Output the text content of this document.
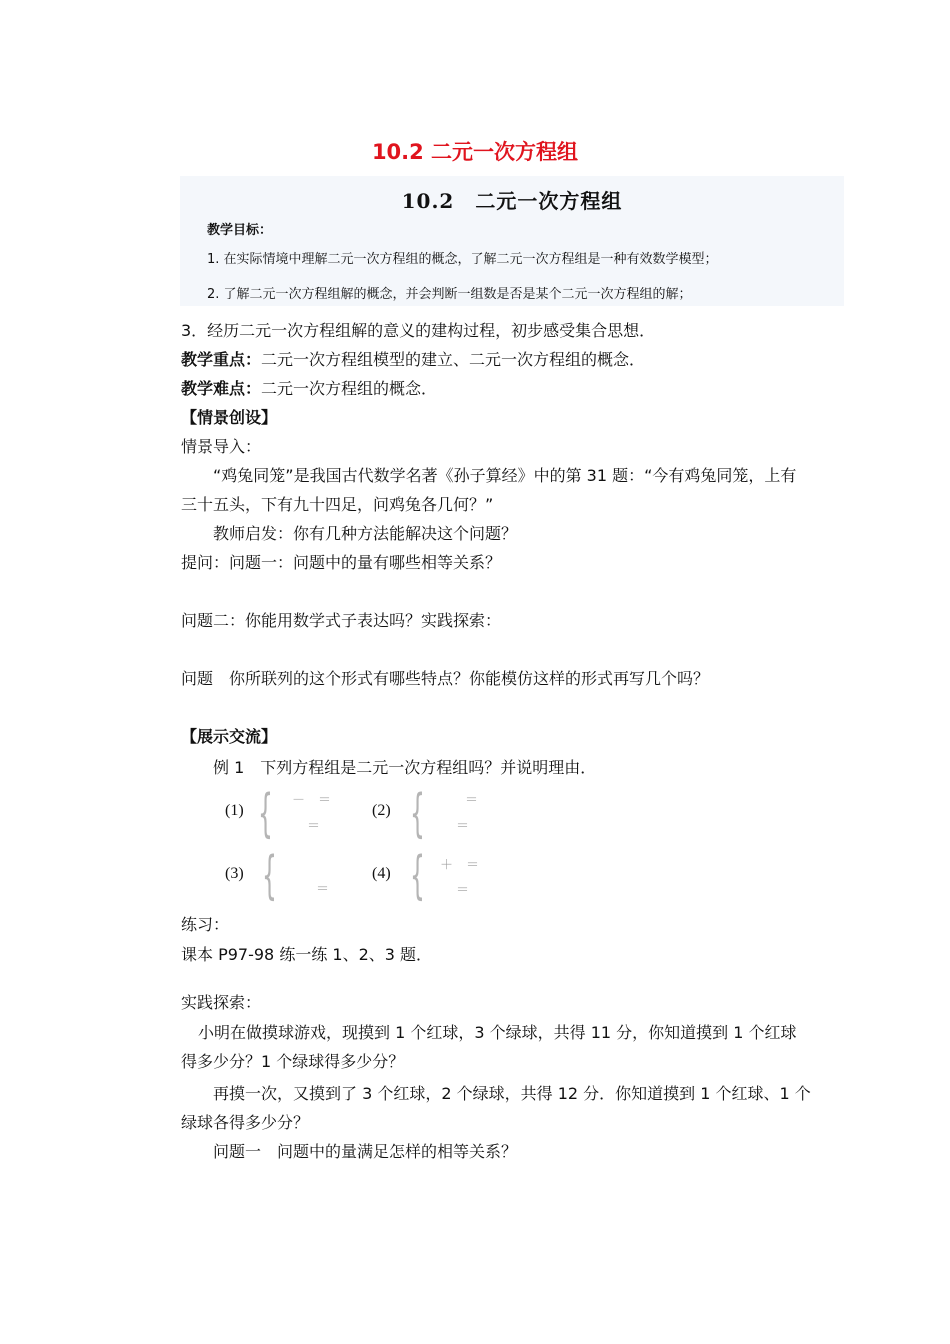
10.2 二元一次方程组
10.2　二元一次方程组
教学目标：
1. 在实际情境中理解二元一次方程组的概念，了解二元一次方程组是一种有效数学模型；
2. 了解二元一次方程组解的概念，并会判断一组数是否是某个二元一次方程组的解；
3．经历二元一次方程组解的意义的建构过程，初步感受集合思想．
教学重点：二元一次方程组模型的建立、二元一次方程组的概念．
教学难点：二元一次方程组的概念．
【情景创设】
情景导入：
“鸡兔同笼”是我国古代数学名著《孙子算经》中的第 31 题：“今有鸡兔同笼，上有
三十五头，下有九十四足，问鸡兔各几何？”
教师启发：你有几种方法能解决这个问题？
提问：问题一：问题中的量有哪些相等关系？
问题二：你能用数学式子表达吗？实践探索：
问题　你所联列的这个形式有哪些特点？你能模仿这样的形式再写几个吗？
【展示交流】
例 1　下列方程组是二元一次方程组吗？并说明理由．
(1) { －　＝
＝
(2) {	＝
＝
(3) {	＝
(4) { ＋　＝
＝
练习：
课本 P97-98 练一练 1、2、3 题．
实践探索：
小明在做摸球游戏，现摸到 1 个红球，3 个绿球，共得 11 分，你知道摸到 1 个红球
得多少分？1 个绿球得多少分？
再摸一次，又摸到了 3 个红球，2 个绿球，共得 12 分．你知道摸到 1 个红球、1 个
绿球各得多少分？
问题一　问题中的量满足怎样的相等关系？
